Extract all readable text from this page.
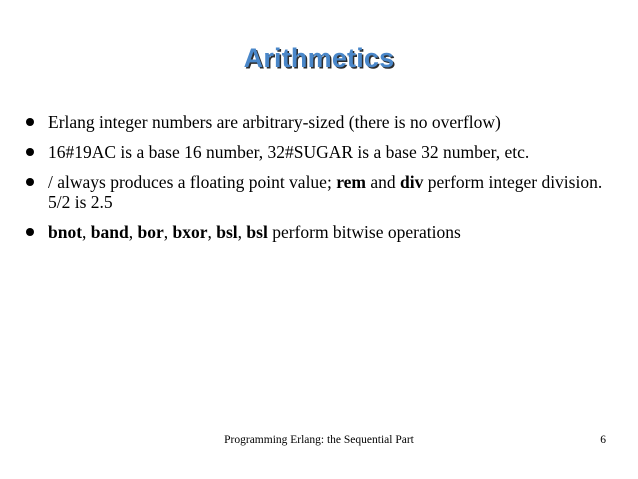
Arithmetics
Erlang integer numbers are arbitrary-sized (there is no overflow)
16#19AC is a base 16 number, 32#SUGAR is a base 32 number, etc.
/ always produces a floating point value; rem and div perform integer division. 5/2 is 2.5
bnot, band, bor, bxor, bsl, bsl perform bitwise operations
Programming Erlang: the Sequential Part	6
